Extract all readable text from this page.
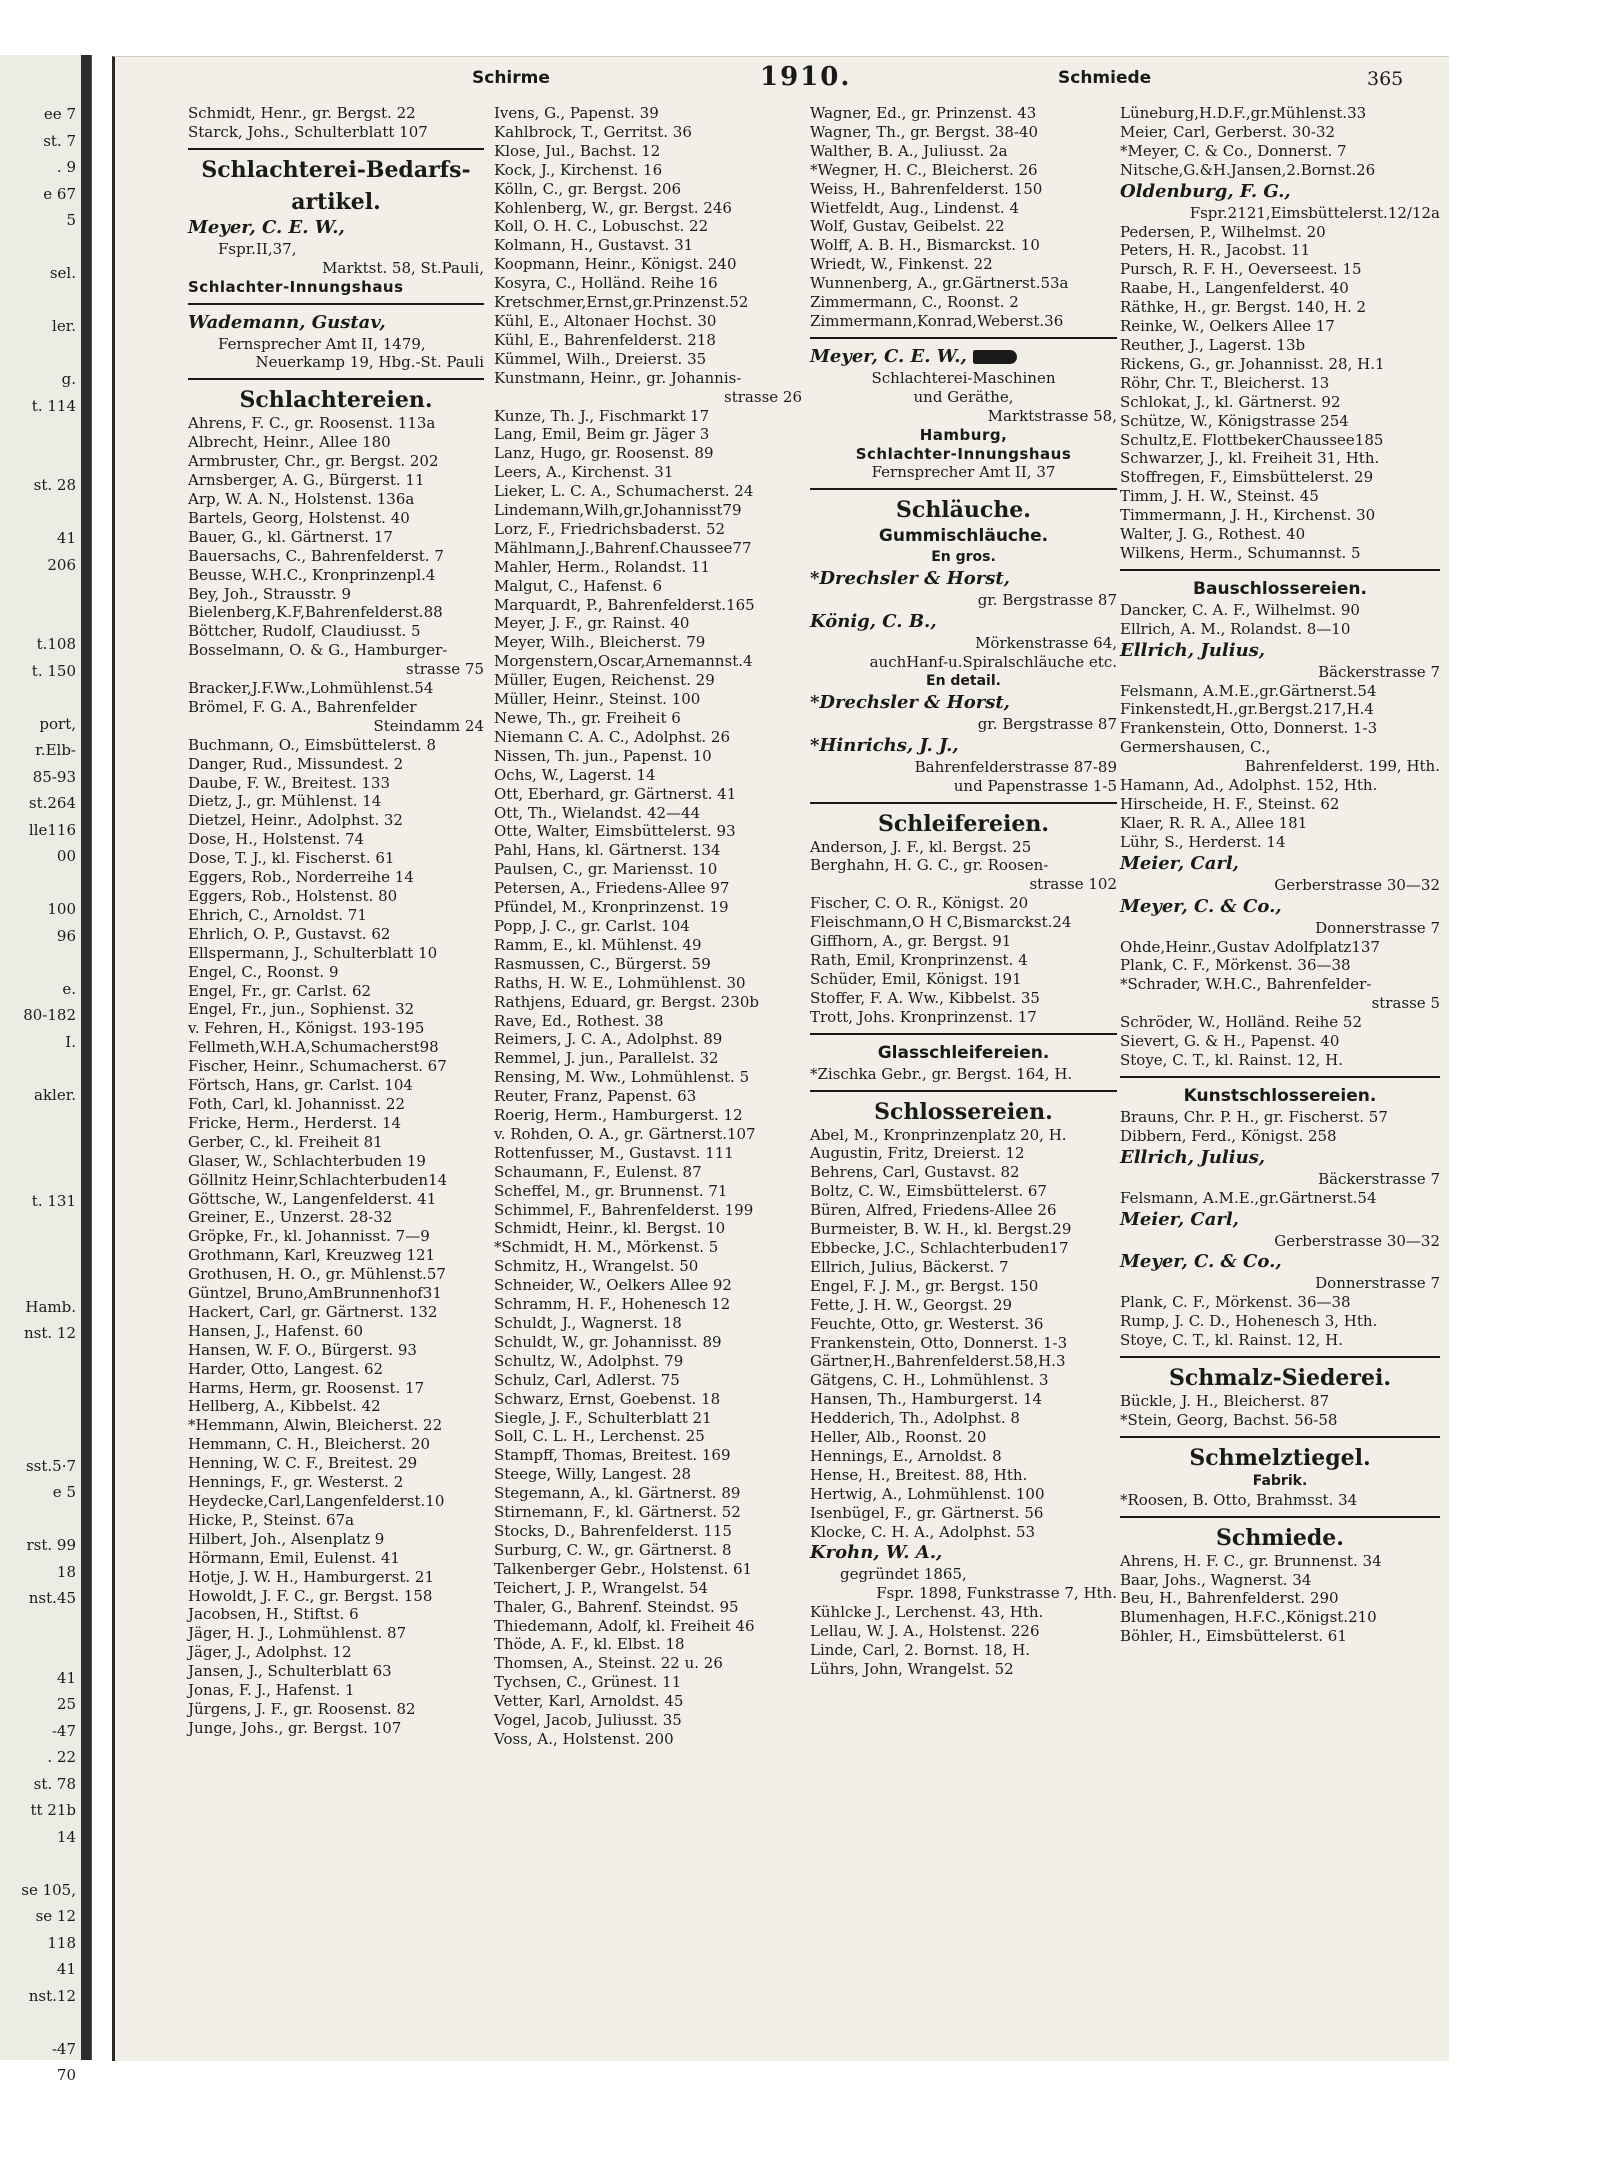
ee 7
st. 7
. 9
e 67
5
sel.
ler.
g.
t. 114
st. 28
41
206
t.108
t. 150
port,
r.Elb-
85-93
st.264
lle116
00
100
96
e.
80-182
I.
akler.
t. 131
Hamb.
nst. 12
sst.5·7
e 5
rst. 99
18
nst.45
41
25
-47
. 22
st. 78
tt 21b
14
se 105,
se 12
118
41
nst.12
-47
70
Schirme	1910.	Schmiede	365
Schmidt, Henr., gr. Bergst. 22
Starck, Johs., Schulterblatt 107
Schlachterei-Bedarfs-
artikel.
Meyer, C. E. W.,
Fspr.II,37,
Marktst. 58, St.Pauli,
Schlachter-Innungshaus
Wademann, Gustav,
Fernsprecher Amt II, 1479,
Neuerkamp 19, Hbg.-St. Pauli
Schlachtereien.
Ahrens, F. C., gr. Roosenst. 113a
Albrecht, Heinr., Allee 180
Armbruster, Chr., gr. Bergst. 202
Arnsberger, A. G., Bürgerst. 11
Arp, W. A. N., Holstenst. 136a
Bartels, Georg, Holstenst. 40
Bauer, G., kl. Gärtnerst. 17
Bauersachs, C., Bahrenfelderst. 7
Beusse, W.H.C., Kronprinzenpl.4
Bey, Joh., Strausstr. 9
Bielenberg,K.F,Bahrenfelderst.88
Böttcher, Rudolf, Claudiusst. 5
Bosselmann, O. & G., Hamburger-
strasse 75
Bracker,J.F.Ww.,Lohmühlenst.54
Brömel, F. G. A., Bahrenfelder
Steindamm 24
Buchmann, O., Eimsbüttelerst. 8
Danger, Rud., Missundest. 2
Daube, F. W., Breitest. 133
Dietz, J., gr. Mühlenst. 14
Dietzel, Heinr., Adolphst. 32
Dose, H., Holstenst. 74
Dose, T. J., kl. Fischerst. 61
Eggers, Rob., Norderreihe 14
Eggers, Rob., Holstenst. 80
Ehrich, C., Arnoldst. 71
Ehrlich, O. P., Gustavst. 62
Ellspermann, J., Schulterblatt 10
Engel, C., Roonst. 9
Engel, Fr., gr. Carlst. 62
Engel, Fr., jun., Sophienst. 32
v. Fehren, H., Königst. 193-195
Fellmeth,W.H.A,Schumacherst98
Fischer, Heinr., Schumacherst. 67
Förtsch, Hans, gr. Carlst. 104
Foth, Carl, kl. Johannisst. 22
Fricke, Herm., Herderst. 14
Gerber, C., kl. Freiheit 81
Glaser, W., Schlachterbuden 19
Göllnitz Heinr,Schlachterbuden14
Göttsche, W., Langenfelderst. 41
Greiner, E., Unzerst. 28-32
Gröpke, Fr., kl. Johannisst. 7—9
Grothmann, Karl, Kreuzweg 121
Grothusen, H. O., gr. Mühlenst.57
Güntzel, Bruno,AmBrunnenhof31
Hackert, Carl, gr. Gärtnerst. 132
Hansen, J., Hafenst. 60
Hansen, W. F. O., Bürgerst. 93
Harder, Otto, Langest. 62
Harms, Herm, gr. Roosenst. 17
Hellberg, A., Kibbelst. 42
*Hemmann, Alwin, Bleicherst. 22
Hemmann, C. H., Bleicherst. 20
Henning, W. C. F., Breitest. 29
Hennings, F., gr. Westerst. 2
Heydecke,Carl,Langenfelderst.10
Hicke, P., Steinst. 67a
Hilbert, Joh., Alsenplatz 9
Hörmann, Emil, Eulenst. 41
Hotje, J. W. H., Hamburgerst. 21
Howoldt, J. F. C., gr. Bergst. 158
Jacobsen, H., Stiftst. 6
Jäger, H. J., Lohmühlenst. 87
Jäger, J., Adolphst. 12
Jansen, J., Schulterblatt 63
Jonas, F. J., Hafenst. 1
Jürgens, J. F., gr. Roosenst. 82
Junge, Johs., gr. Bergst. 107
Ivens, G., Papenst. 39
Kahlbrock, T., Gerritst. 36
Klose, Jul., Bachst. 12
Kock, J., Kirchenst. 16
Kölln, C., gr. Bergst. 206
Kohlenberg, W., gr. Bergst. 246
Koll, O. H. C., Lobuschst. 22
Kolmann, H., Gustavst. 31
Koopmann, Heinr., Königst. 240
Kosyra, C., Holländ. Reihe 16
Kretschmer,Ernst,gr.Prinzenst.52
Kühl, E., Altonaer Hochst. 30
Kühl, E., Bahrenfelderst. 218
Kümmel, Wilh., Dreierst. 35
Kunstmann, Heinr., gr. Johannis-
strasse 26
Kunze, Th. J., Fischmarkt 17
Lang, Emil, Beim gr. Jäger 3
Lanz, Hugo, gr. Roosenst. 89
Leers, A., Kirchenst. 31
Lieker, L. C. A., Schumacherst. 24
Lindemann,Wilh,gr.Johannisst79
Lorz, F., Friedrichsbaderst. 52
Mählmann,J.,Bahrenf.Chaussee77
Mahler, Herm., Rolandst. 11
Malgut, C., Hafenst. 6
Marquardt, P., Bahrenfelderst.165
Meyer, J. F., gr. Rainst. 40
Meyer, Wilh., Bleicherst. 79
Morgenstern,Oscar,Arnemannst.4
Müller, Eugen, Reichenst. 29
Müller, Heinr., Steinst. 100
Newe, Th., gr. Freiheit 6
Niemann C. A. C., Adolphst. 26
Nissen, Th. jun., Papenst. 10
Ochs, W., Lagerst. 14
Ott, Eberhard, gr. Gärtnerst. 41
Ott, Th., Wielandst. 42—44
Otte, Walter, Eimsbüttelerst. 93
Pahl, Hans, kl. Gärtnerst. 134
Paulsen, C., gr. Mariensst. 10
Petersen, A., Friedens-Allee 97
Pfündel, M., Kronprinzenst. 19
Popp, J. C., gr. Carlst. 104
Ramm, E., kl. Mühlenst. 49
Rasmussen, C., Bürgerst. 59
Raths, H. W. E., Lohmühlenst. 30
Rathjens, Eduard, gr. Bergst. 230b
Rave, Ed., Rothest. 38
Reimers, J. C. A., Adolphst. 89
Remmel, J. jun., Parallelst. 32
Rensing, M. Ww., Lohmühlenst. 5
Reuter, Franz, Papenst. 63
Roerig, Herm., Hamburgerst. 12
v. Rohden, O. A., gr. Gärtnerst.107
Rottenfusser, M., Gustavst. 111
Schaumann, F., Eulenst. 87
Scheffel, M., gr. Brunnenst. 71
Schimmel, F., Bahrenfelderst. 199
Schmidt, Heinr., kl. Bergst. 10
*Schmidt, H. M., Mörkenst. 5
Schmitz, H., Wrangelst. 50
Schneider, W., Oelkers Allee 92
Schramm, H. F., Hohenesch 12
Schuldt, J., Wagnerst. 18
Schuldt, W., gr. Johannisst. 89
Schultz, W., Adolphst. 79
Schulz, Carl, Adlerst. 75
Schwarz, Ernst, Goebenst. 18
Siegle, J. F., Schulterblatt 21
Soll, C. L. H., Lerchenst. 25
Stampff, Thomas, Breitest. 169
Steege, Willy, Langest. 28
Stegemann, A., kl. Gärtnerst. 89
Stirnemann, F., kl. Gärtnerst. 52
Stocks, D., Bahrenfelderst. 115
Surburg, C. W., gr. Gärtnerst. 8
Talkenberger Gebr., Holstenst. 61
Teichert, J. P., Wrangelst. 54
Thaler, G., Bahrenf. Steindst. 95
Thiedemann, Adolf, kl. Freiheit 46
Thöde, A. F., kl. Elbst. 18
Thomsen, A., Steinst. 22 u. 26
Tychsen, C., Grünest. 11
Vetter, Karl, Arnoldst. 45
Vogel, Jacob, Juliusst. 35
Voss, A., Holstenst. 200
Wagner, Ed., gr. Prinzenst. 43
Wagner, Th., gr. Bergst. 38-40
Walther, B. A., Juliusst. 2a
*Wegner, H. C., Bleicherst. 26
Weiss, H., Bahrenfelderst. 150
Wietfeldt, Aug., Lindenst. 4
Wolf, Gustav, Geibelst. 22
Wolff, A. B. H., Bismarckst. 10
Wriedt, W., Finkenst. 22
Wunnenberg, A., gr.Gärtnerst.53a
Zimmermann, C., Roonst. 2
Zimmermann,Konrad,Weberst.36
Meyer, C. E. W.,
Schlachterei-Maschinen
und Geräthe,
Marktstrasse 58,
Hamburg,
Schlachter-Innungshaus
Fernsprecher Amt II, 37
Schläuche.
Gummischläuche.
En gros.
*Drechsler & Horst,
gr. Bergstrasse 87
König, C. B.,
Mörkenstrasse 64,
auchHanf-u.Spiralschläuche etc.
En detail.
*Drechsler & Horst,
gr. Bergstrasse 87
*Hinrichs, J. J.,
Bahrenfelderstrasse 87-89
und Papenstrasse 1-5
Schleifereien.
Anderson, J. F., kl. Bergst. 25
Berghahn, H. G. C., gr. Roosen-
strasse 102
Fischer, C. O. R., Königst. 20
Fleischmann,O H C,Bismarckst.24
Giffhorn, A., gr. Bergst. 91
Rath, Emil, Kronprinzenst. 4
Schüder, Emil, Königst. 191
Stoffer, F. A. Ww., Kibbelst. 35
Trott, Johs. Kronprinzenst. 17
Glasschleifereien.
*Zischka Gebr., gr. Bergst. 164, H.
Schlossereien.
Abel, M., Kronprinzenplatz 20, H.
Augustin, Fritz, Dreierst. 12
Behrens, Carl, Gustavst. 82
Boltz, C. W., Eimsbüttelerst. 67
Büren, Alfred, Friedens-Allee 26
Burmeister, B. W. H., kl. Bergst.29
Ebbecke, J.C., Schlachterbuden17
Ellrich, Julius, Bäckerst. 7
Engel, F. J. M., gr. Bergst. 150
Fette, J. H. W., Georgst. 29
Feuchte, Otto, gr. Westerst. 36
Frankenstein, Otto, Donnerst. 1-3
Gärtner,H.,Bahrenfelderst.58,H.3
Gätgens, C. H., Lohmühlenst. 3
Hansen, Th., Hamburgerst. 14
Hedderich, Th., Adolphst. 8
Heller, Alb., Roonst. 20
Hennings, E., Arnoldst. 8
Hense, H., Breitest. 88, Hth.
Hertwig, A., Lohmühlenst. 100
Isenbügel, F., gr. Gärtnerst. 56
Klocke, C. H. A., Adolphst. 53
Krohn, W. A.,
gegründet 1865,
Fspr. 1898, Funkstrasse 7, Hth.
Kühlcke J., Lerchenst. 43, Hth.
Lellau, W. J. A., Holstenst. 226
Linde, Carl, 2. Bornst. 18, H.
Lührs, John, Wrangelst. 52
Lüneburg,H.D.F.,gr.Mühlenst.33
Meier, Carl, Gerberst. 30-32
*Meyer, C. & Co., Donnerst. 7
Nitsche,G.&H.Jansen,2.Bornst.26
Oldenburg, F. G.,
Fspr.2121,Eimsbüttelerst.12/12a
Pedersen, P., Wilhelmst. 20
Peters, H. R., Jacobst. 11
Pursch, R. F. H., Oeverseest. 15
Raabe, H., Langenfelderst. 40
Räthke, H., gr. Bergst. 140, H. 2
Reinke, W., Oelkers Allee 17
Reuther, J., Lagerst. 13b
Rickens, G., gr. Johannisst. 28, H.1
Röhr, Chr. T., Bleicherst. 13
Schlokat, J., kl. Gärtnerst. 92
Schütze, W., Königstrasse 254
Schultz,E. FlottbekerChaussee185
Schwarzer, J., kl. Freiheit 31, Hth.
Stoffregen, F., Eimsbüttelerst. 29
Timm, J. H. W., Steinst. 45
Timmermann, J. H., Kirchenst. 30
Walter, J. G., Rothest. 40
Wilkens, Herm., Schumannst. 5
Bauschlossereien.
Dancker, C. A. F., Wilhelmst. 90
Ellrich, A. M., Rolandst. 8—10
Ellrich, Julius,
Bäckerstrasse 7
Felsmann, A.M.E.,gr.Gärtnerst.54
Finkenstedt,H.,gr.Bergst.217,H.4
Frankenstein, Otto, Donnerst. 1-3
Germershausen, C.,
Bahrenfelderst. 199, Hth.
Hamann, Ad., Adolphst. 152, Hth.
Hirscheide, H. F., Steinst. 62
Klaer, R. R. A., Allee 181
Lühr, S., Herderst. 14
Meier, Carl,
Gerberstrasse 30—32
Meyer, C. & Co.,
Donnerstrasse 7
Ohde,Heinr.,Gustav Adolfplatz137
Plank, C. F., Mörkenst. 36—38
*Schrader, W.H.C., Bahrenfelder-
strasse 5
Schröder, W., Holländ. Reihe 52
Sievert, G. & H., Papenst. 40
Stoye, C. T., kl. Rainst. 12, H.
Kunstschlossereien.
Brauns, Chr. P. H., gr. Fischerst. 57
Dibbern, Ferd., Königst. 258
Ellrich, Julius,
Bäckerstrasse 7
Felsmann, A.M.E.,gr.Gärtnerst.54
Meier, Carl,
Gerberstrasse 30—32
Meyer, C. & Co.,
Donnerstrasse 7
Plank, C. F., Mörkenst. 36—38
Rump, J. C. D., Hohenesch 3, Hth.
Stoye, C. T., kl. Rainst. 12, H.
Schmalz-Siederei.
Bückle, J. H., Bleicherst. 87
*Stein, Georg, Bachst. 56-58
Schmelztiegel.
Fabrik.
*Roosen, B. Otto, Brahmsst. 34
Schmiede.
Ahrens, H. F. C., gr. Brunnenst. 34
Baar, Johs., Wagnerst. 34
Beu, H., Bahrenfelderst. 290
Blumenhagen, H.F.C.,Königst.210
Böhler, H., Eimsbüttelerst. 61
